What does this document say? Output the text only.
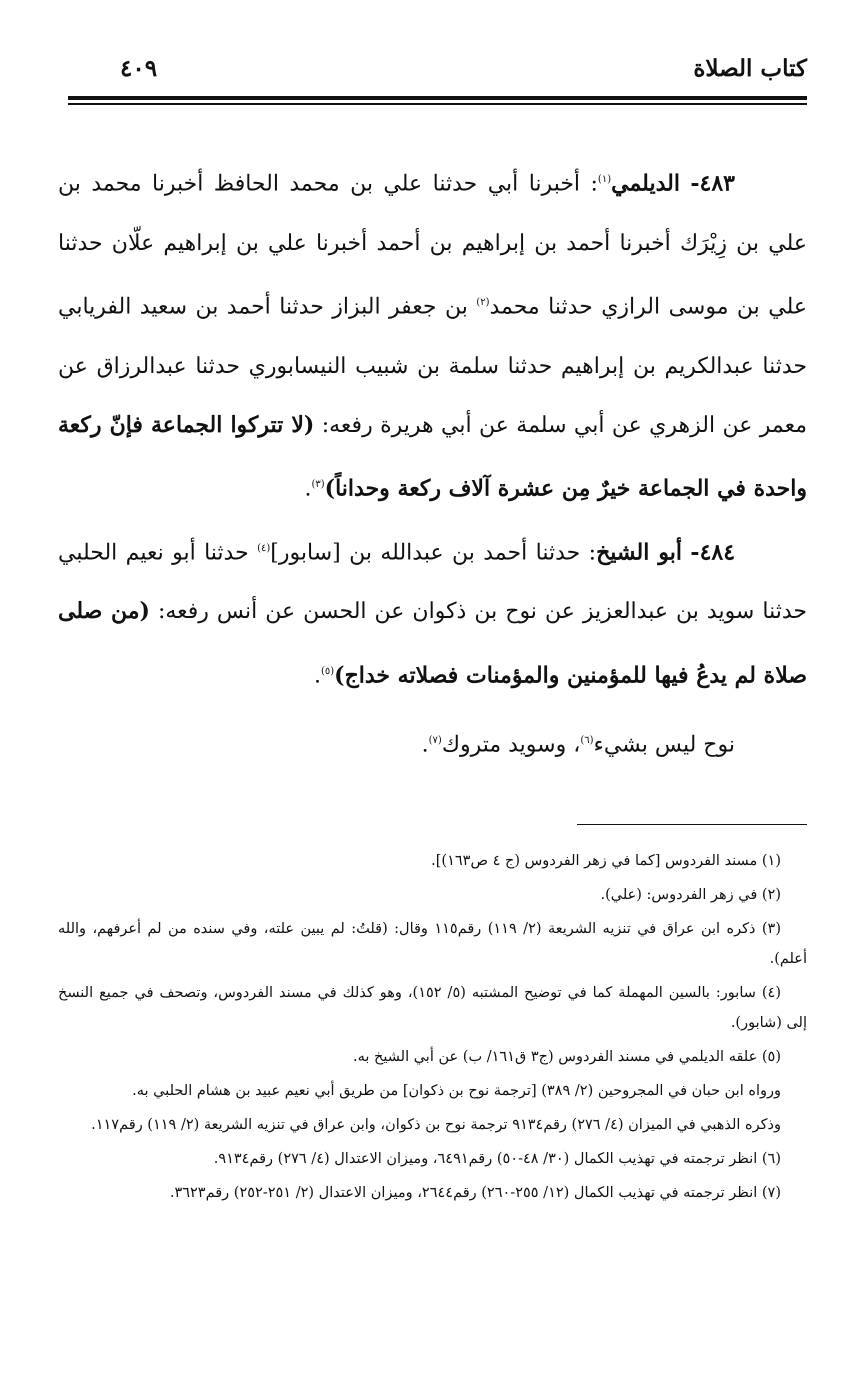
كتاب الصلاة
٤٠٩

٤٨٣- الديلمي$^{(١)}$: أخبرنا أبي حدثنا علي بن محمد الحافظ أخبرنا محمد بن علي بن زِيْرَك أخبرنا أحمد بن إبراهيم بن أحمد أخبرنا علي بن إبراهيم علّان حدثنا علي بن موسى الرازي حدثنا محمد$^{(٢)}$ بن جعفر البزاز حدثنا أحمد بن سعيد الفريابي حدثنا عبدالكريم بن إبراهيم حدثنا سلمة بن شبيب النيسابوري حدثنا عبدالرزاق عن معمر عن الزهري عن أبي سلمة عن أبي هريرة رفعه: (لا تتركوا الجماعة فإنّ ركعة واحدة في الجماعة خيرٌ مِن عشرة آلاف ركعة وحداناً)$^{(٣)}$.

٤٨٤- أبو الشيخ: حدثنا أحمد بن عبدالله بن [سابور]$^{(٤)}$ حدثنا أبو نعيم الحلبي حدثنا سويد بن عبدالعزيز عن نوح بن ذكوان عن الحسن عن أنس رفعه: (من صلى صلاة لم يدعُ فيها للمؤمنين والمؤمنات فصلاته خداج)$^{(٥)}$.

نوح ليس بشيء$^{(٦)}$، وسويد متروك$^{(٧)}$.

(١) مسند الفردوس [كما في زهر الفردوس (ج ٤ ص١٦٣)].

(٢) في زهر الفردوس: (علي).

(٣) ذكره ابن عراق في تنزيه الشريعة (٢/ ١١٩) رقم١١٥ وقال: (قلتُ: لم يبين علته، وفي سنده من لم أعرفهم، والله أعلم).

(٤) سابور: بالسين المهملة كما في توضيح المشتبه (٥/ ١٥٢)، وهو كذلك في مسند الفردوس، وتصحف في جميع النسخ إلى (شابور).

(٥) علقه الديلمي في مسند الفردوس (ج٣ ق١٦١/ ب) عن أبي الشيخ به.

ورواه ابن حبان في المجروحين (٢/ ٣٨٩) [ترجمة نوح بن ذكوان] من طريق أبي نعيم عبيد بن هشام الحلبي به.

وذكره الذهبي في الميزان (٤/ ٢٧٦) رقم٩١٣٤ ترجمة نوح بن ذكوان، وابن عراق في تنزيه الشريعة (٢/ ١١٩) رقم١١٧.

(٦) انظر ترجمته في تهذيب الكمال (٣٠/ ٤٨-٥٠) رقم٦٤٩١، وميزان الاعتدال (٤/ ٢٧٦) رقم٩١٣٤.

(٧) انظر ترجمته في تهذيب الكمال (١٢/ ٢٥٥-٢٦٠) رقم٢٦٤٤، وميزان الاعتدال (٢/ ٢٥١-٢٥٢) رقم٣٦٢٣.
